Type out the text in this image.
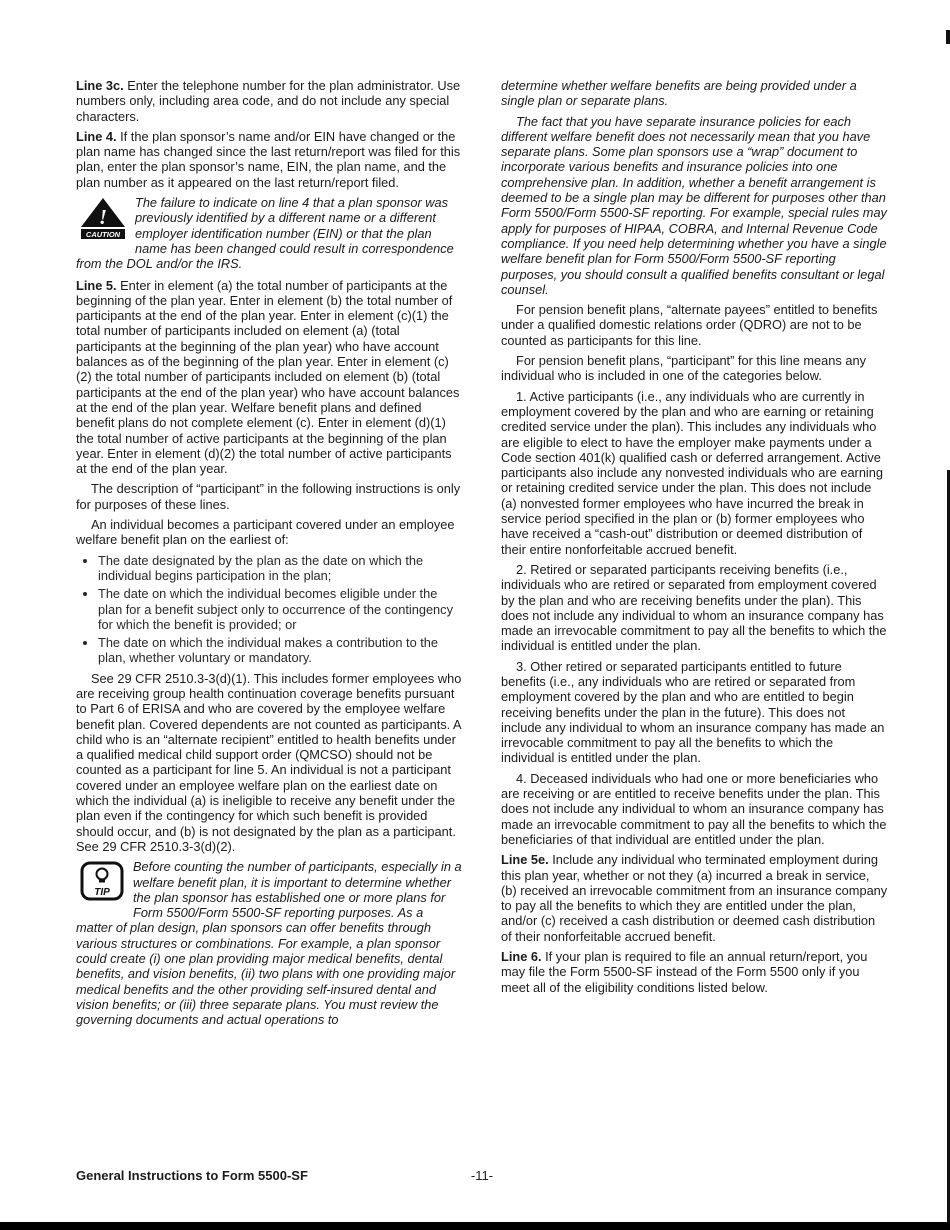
Line 3c. Enter the telephone number for the plan administrator. Use numbers only, including area code, and do not include any special characters.

Line 4. If the plan sponsor’s name and/or EIN have changed or the plan name has changed since the last return/report was filed for this plan, enter the plan sponsor’s name, EIN, the plan name, and the plan number as it appeared on the last return/report filed.

!
CAUTION
The failure to indicate on line 4 that a plan sponsor was previously identified by a different name or a different employer identification number (EIN) or that the plan name has been changed could result in correspondence from the DOL and/or the IRS.

Line 5. Enter in element (a) the total number of participants at the beginning of the plan year. Enter in element (b) the total number of participants at the end of the plan year. Enter in element (c)(1) the total number of participants included on element (a) (total participants at the beginning of the plan year) who have account balances as of the beginning of the plan year. Enter in element (c)(2) the total number of participants included on element (b) (total participants at the end of the plan year) who have account balances at the end of the plan year. Welfare benefit plans and defined benefit plans do not complete element (c). Enter in element (d)(1) the total number of active participants at the beginning of the plan year. Enter in element (d)(2) the total number of active participants at the end of the plan year.

The description of “participant” in the following instructions is only for purposes of these lines.

An individual becomes a participant covered under an employee welfare benefit plan on the earliest of:

• The date designated by the plan as the date on which the individual begins participation in the plan;
• The date on which the individual becomes eligible under the plan for a benefit subject only to occurrence of the contingency for which the benefit is provided; or
• The date on which the individual makes a contribution to the plan, whether voluntary or mandatory.

See 29 CFR 2510.3-3(d)(1). This includes former employees who are receiving group health continuation coverage benefits pursuant to Part 6 of ERISA and who are covered by the employee welfare benefit plan. Covered dependents are not counted as participants. A child who is an “alternate recipient” entitled to health benefits under a qualified medical child support order (QMCSO) should not be counted as a participant for line 5. An individual is not a participant covered under an employee welfare plan on the earliest date on which the individual (a) is ineligible to receive any benefit under the plan even if the contingency for which such benefit is provided should occur, and (b) is not designated by the plan as a participant. See 29 CFR 2510.3-3(d)(2).

TIP
Before counting the number of participants, especially in a welfare benefit plan, it is important to determine whether the plan sponsor has established one or more plans for Form 5500/Form 5500-SF reporting purposes. As a matter of plan design, plan sponsors can offer benefits through various structures or combinations. For example, a plan sponsor could create (i) one plan providing major medical benefits, dental benefits, and vision benefits, (ii) two plans with one providing major medical benefits and the other providing self-insured dental and vision benefits; or (iii) three separate plans. You must review the governing documents and actual operations to

determine whether welfare benefits are being provided under a single plan or separate plans.

The fact that you have separate insurance policies for each different welfare benefit does not necessarily mean that you have separate plans. Some plan sponsors use a “wrap” document to incorporate various benefits and insurance policies into one comprehensive plan. In addition, whether a benefit arrangement is deemed to be a single plan may be different for purposes other than Form 5500/Form 5500-SF reporting. For example, special rules may apply for purposes of HIPAA, COBRA, and Internal Revenue Code compliance. If you need help determining whether you have a single welfare benefit plan for Form 5500/Form 5500-SF reporting purposes, you should consult a qualified benefits consultant or legal counsel.

For pension benefit plans, “alternate payees” entitled to benefits under a qualified domestic relations order (QDRO) are not to be counted as participants for this line.

For pension benefit plans, “participant” for this line means any individual who is included in one of the categories below.

1. Active participants (i.e., any individuals who are currently in employment covered by the plan and who are earning or retaining credited service under the plan). This includes any individuals who are eligible to elect to have the employer make payments under a Code section 401(k) qualified cash or deferred arrangement. Active participants also include any nonvested individuals who are earning or retaining credited service under the plan. This does not include (a) nonvested former employees who have incurred the break in service period specified in the plan or (b) former employees who have received a “cash-out” distribution or deemed distribution of their entire nonforfeitable accrued benefit.

2. Retired or separated participants receiving benefits (i.e., individuals who are retired or separated from employment covered by the plan and who are receiving benefits under the plan). This does not include any individual to whom an insurance company has made an irrevocable commitment to pay all the benefits to which the individual is entitled under the plan.

3. Other retired or separated participants entitled to future benefits (i.e., any individuals who are retired or separated from employment covered by the plan and who are entitled to begin receiving benefits under the plan in the future). This does not include any individual to whom an insurance company has made an irrevocable commitment to pay all the benefits to which the individual is entitled under the plan.

4. Deceased individuals who had one or more beneficiaries who are receiving or are entitled to receive benefits under the plan. This does not include any individual to whom an insurance company has made an irrevocable commitment to pay all the benefits to which the beneficiaries of that individual are entitled under the plan.

Line 5e. Include any individual who terminated employment during this plan year, whether or not they (a) incurred a break in service, (b) received an irrevocable commitment from an insurance company to pay all the benefits to which they are entitled under the plan, and/or (c) received a cash distribution or deemed cash distribution of their nonforfeitable accrued benefit.

Line 6. If your plan is required to file an annual return/report, you may file the Form 5500-SF instead of the Form 5500 only if you meet all of the eligibility conditions listed below.

-11-
General Instructions to Form 5500-SF
